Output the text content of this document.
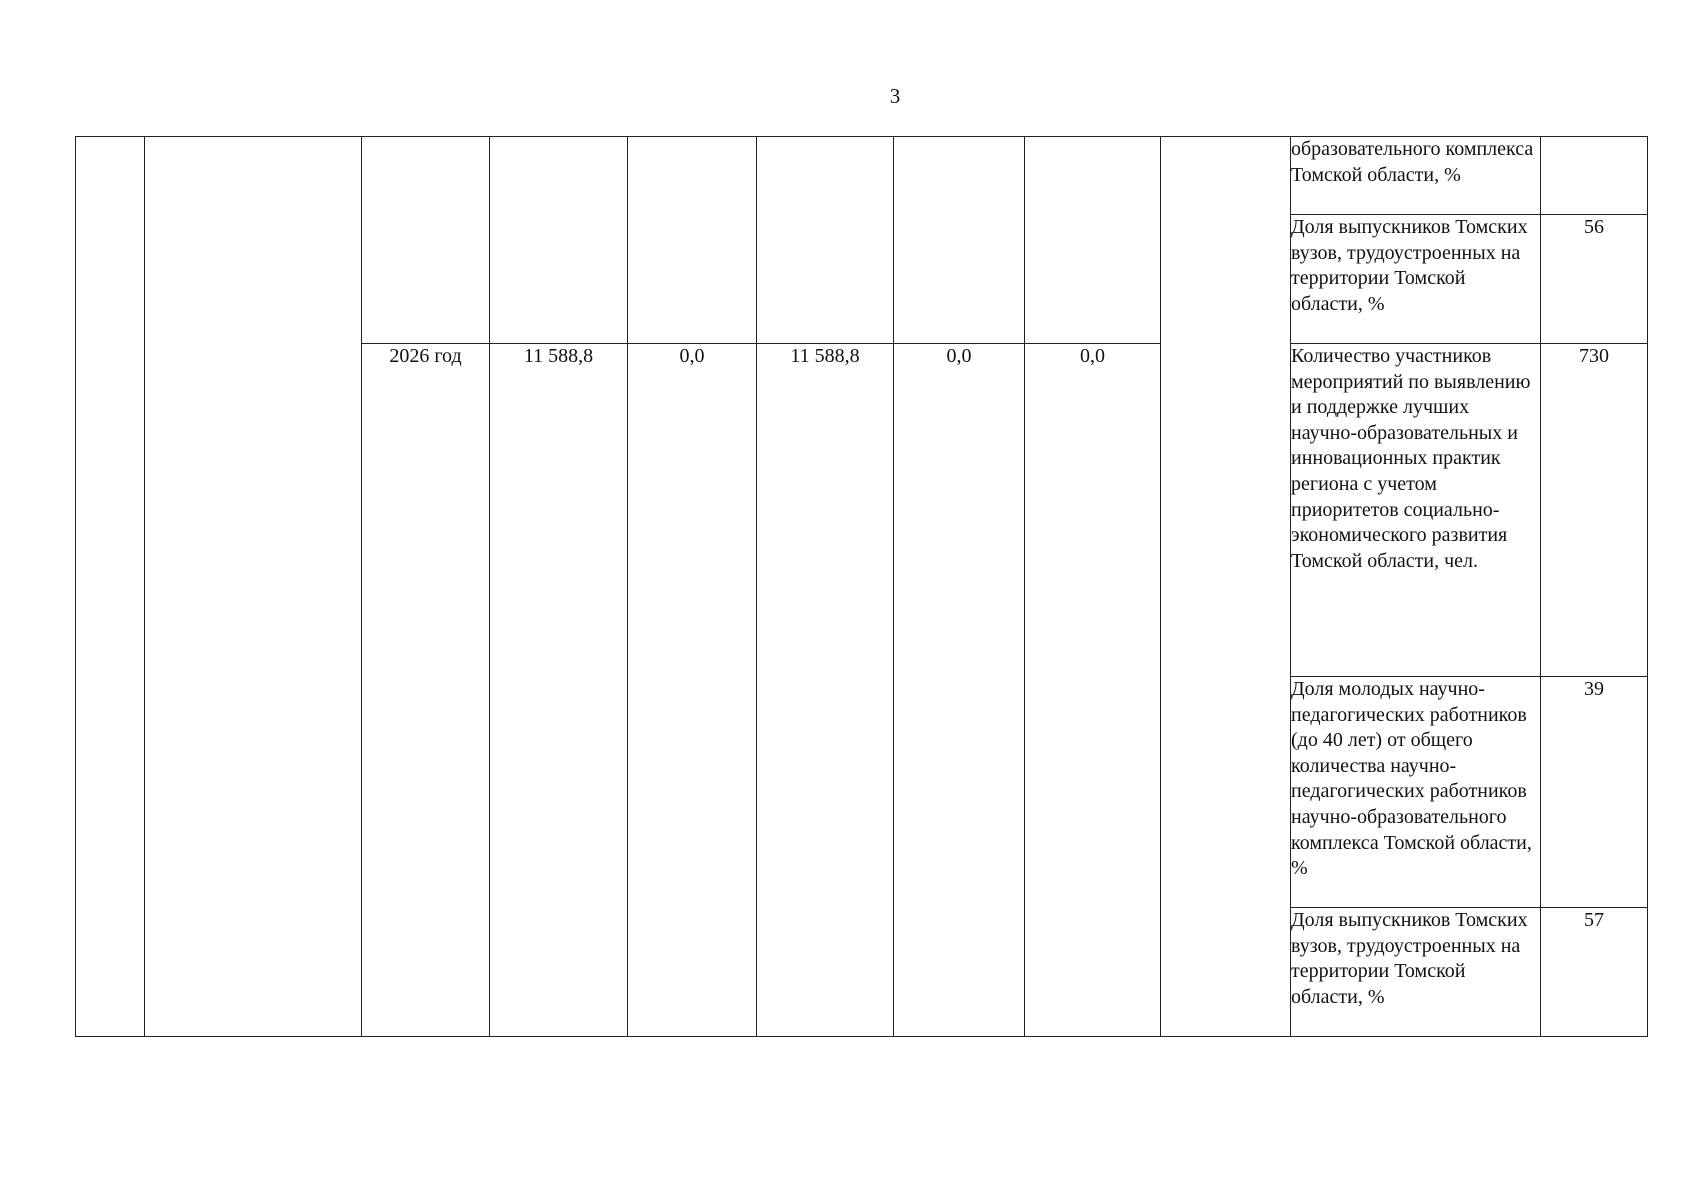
3
									образовательного комплекса Томской области, %	
									Доля выпускников Томских вузов, трудоустроенных на территории Томской области, %	56
		2026 год	11 588,8	0,0	11 588,8	0,0	0,0		Количество участников мероприятий по выявлению и поддержке лучших научно-образовательных и инновационных практик региона с учетом приоритетов социально-экономического развития Томской области, чел.	730
									Доля молодых научно-педагогических работников (до 40 лет) от общего количества научно-педагогических работников научно-образовательного комплекса Томской области, %	39
									Доля выпускников Томских вузов, трудоустроенных на территории Томской области, %	57
